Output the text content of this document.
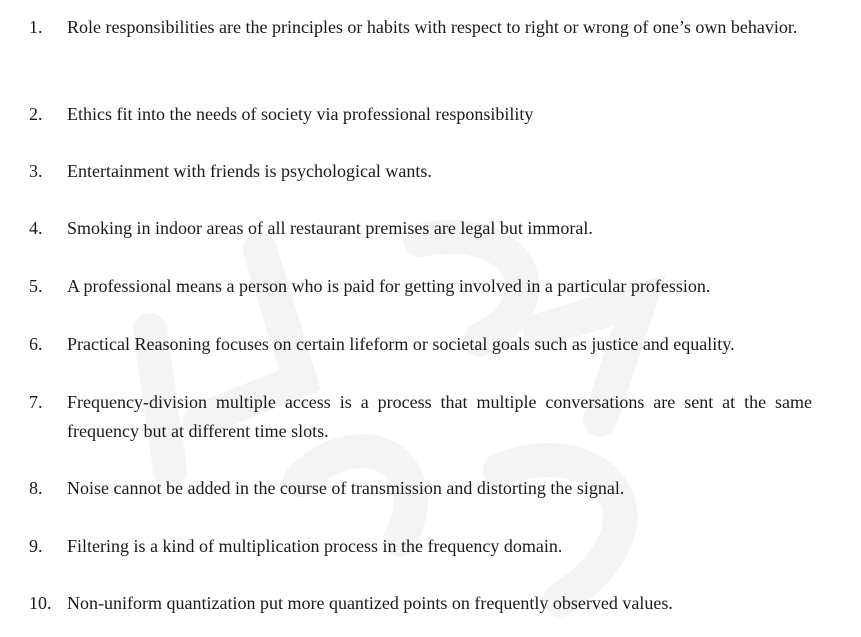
1. Role responsibilities are the principles or habits with respect to right or wrong of one’s own behavior.
2. Ethics fit into the needs of society via professional responsibility
3. Entertainment with friends is psychological wants.
4. Smoking in indoor areas of all restaurant premises are legal but immoral.
5. A professional means a person who is paid for getting involved in a particular profession.
6. Practical Reasoning focuses on certain lifeform or societal goals such as justice and equality.
7. Frequency-division multiple access is a process that multiple conversations are sent at the same frequency but at different time slots.
8. Noise cannot be added in the course of transmission and distorting the signal.
9. Filtering is a kind of multiplication process in the frequency domain.
10. Non-uniform quantization put more quantized points on frequently observed values.
